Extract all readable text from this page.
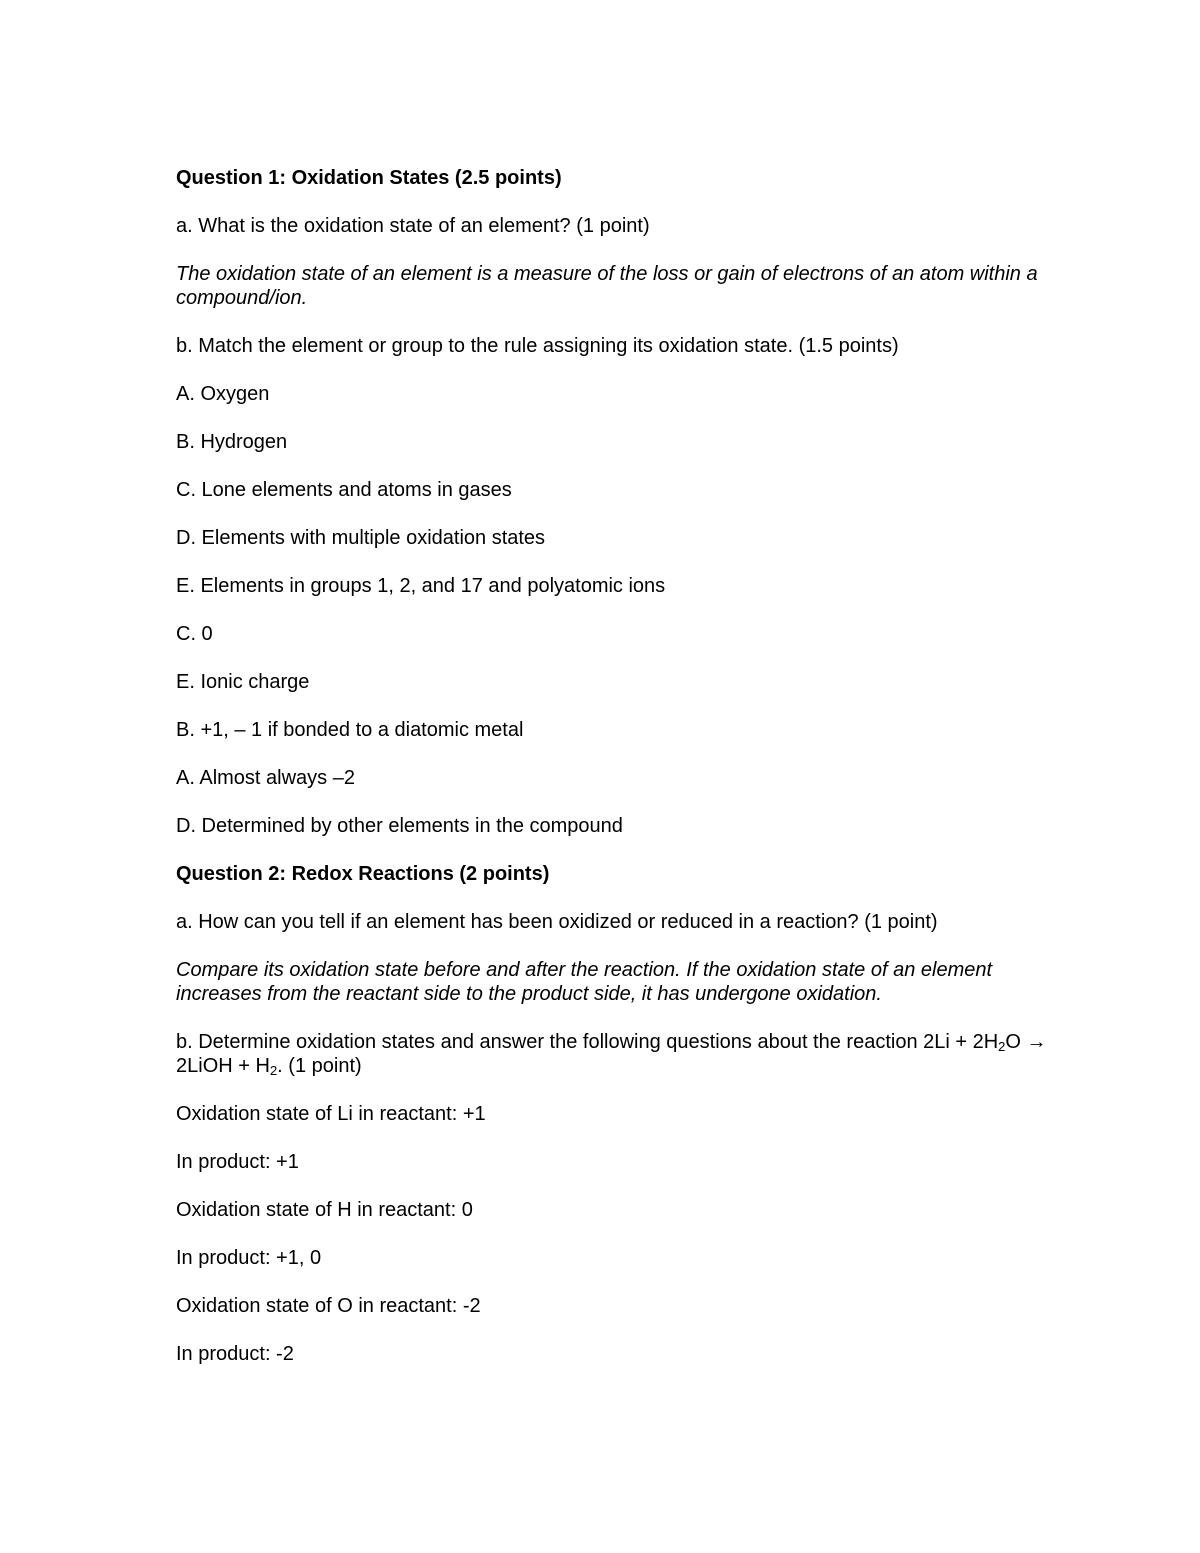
Question 1: Oxidation States (2.5 points)

a. What is the oxidation state of an element? (1 point)

The oxidation state of an element is a measure of the loss or gain of electrons of an atom within a compound/ion.

b. Match the element or group to the rule assigning its oxidation state. (1.5 points)

A. Oxygen

B. Hydrogen

C. Lone elements and atoms in gases

D. Elements with multiple oxidation states

E. Elements in groups 1, 2, and 17 and polyatomic ions

C. 0

E. Ionic charge

B. +1, – 1 if bonded to a diatomic metal

A. Almost always –2

D. Determined by other elements in the compound

Question 2: Redox Reactions (2 points)

a. How can you tell if an element has been oxidized or reduced in a reaction? (1 point)

Compare its oxidation state before and after the reaction. If the oxidation state of an element increases from the reactant side to the product side, it has undergone oxidation.

b. Determine oxidation states and answer the following questions about the reaction $2Li + 2H_2O$ → 2LiOH + $H_2$. (1 point)

Oxidation state of Li in reactant: +1

In product: +1

Oxidation state of H in reactant: 0

In product: +1, 0

Oxidation state of O in reactant: -2

In product: -2
